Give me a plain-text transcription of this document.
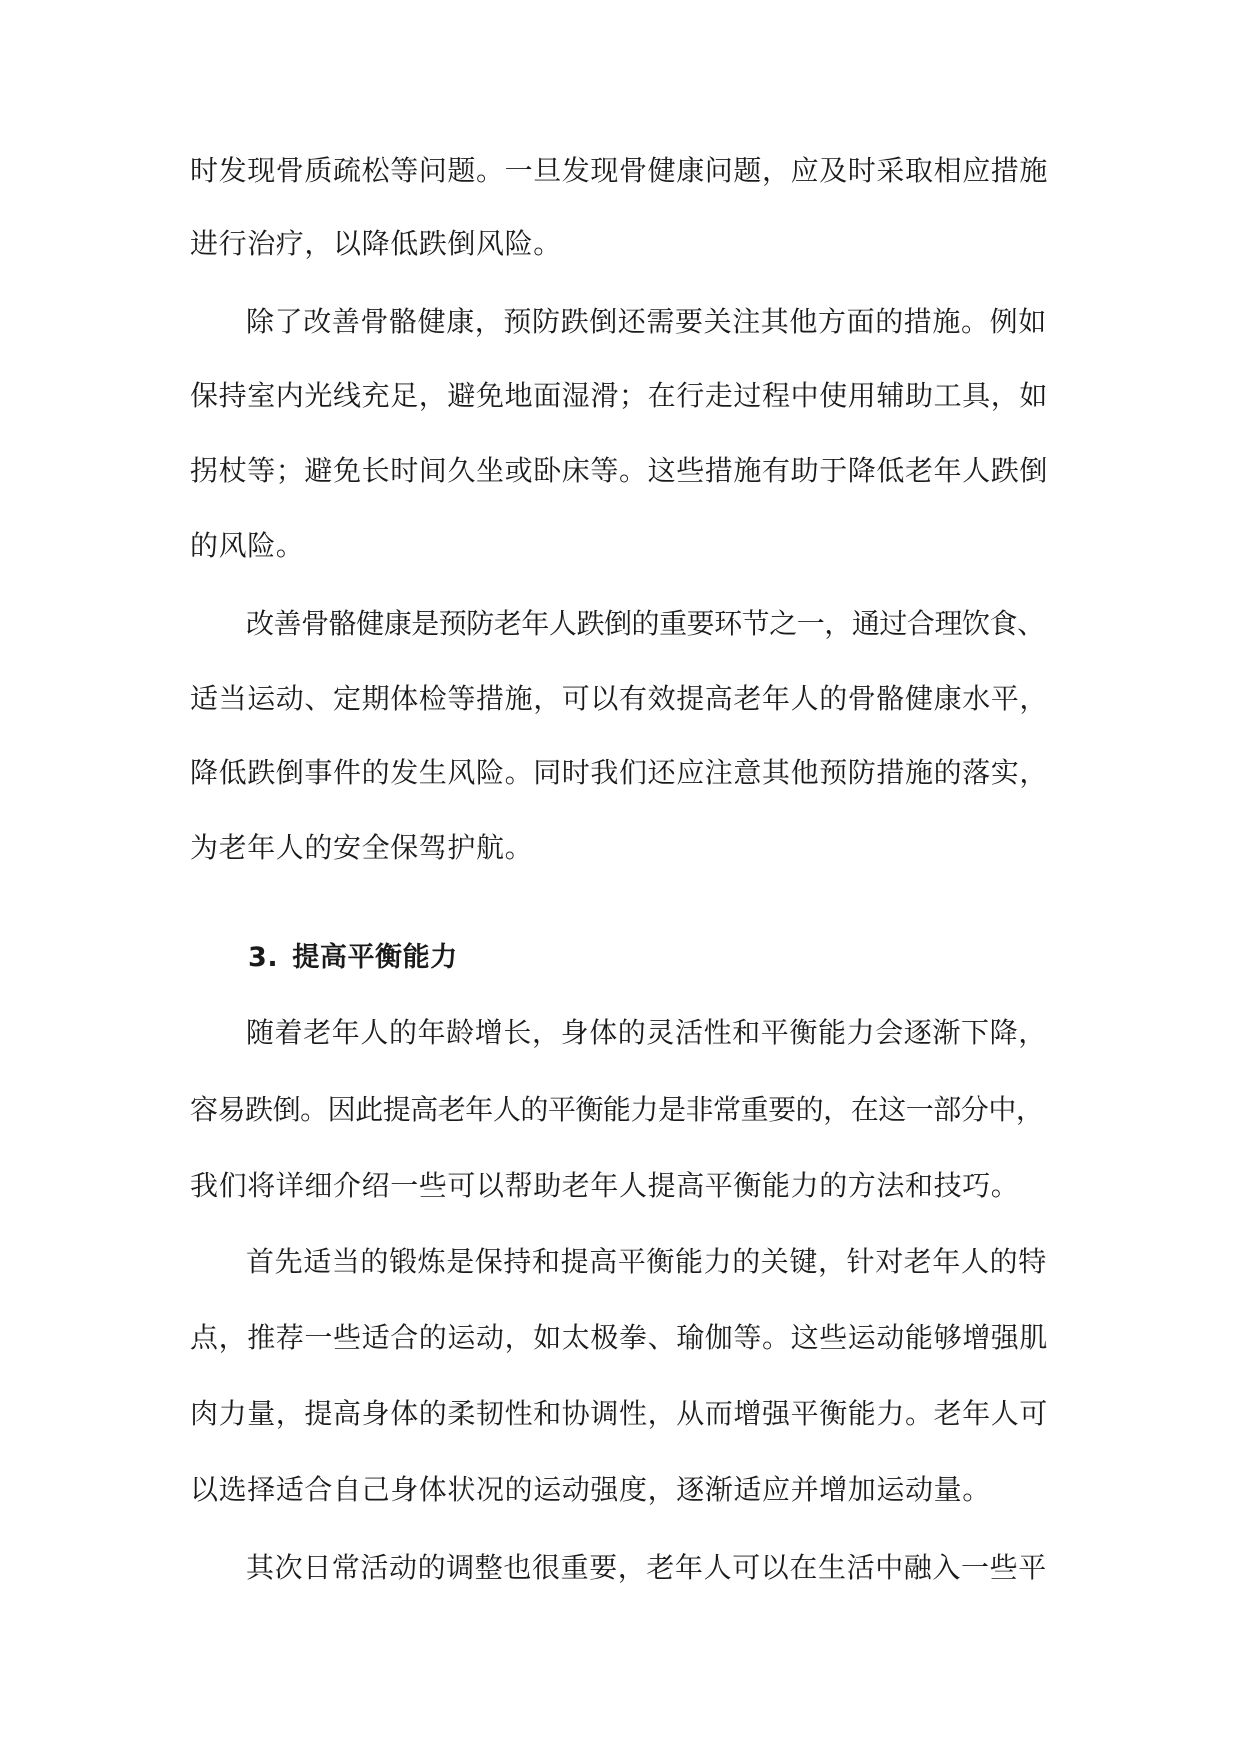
时发现骨质疏松等问题。一旦发现骨健康问题，应及时采取相应措施
进行治疗，以降低跌倒风险。
除了改善骨骼健康，预防跌倒还需要关注其他方面的措施。例如
保持室内光线充足，避免地面湿滑；在行走过程中使用辅助工具，如
拐杖等；避免长时间久坐或卧床等。这些措施有助于降低老年人跌倒
的风险。
改善骨骼健康是预防老年人跌倒的重要环节之一，通过合理饮食、
适当运动、定期体检等措施，可以有效提高老年人的骨骼健康水平，
降低跌倒事件的发生风险。同时我们还应注意其他预防措施的落实，
为老年人的安全保驾护航。
3. 提高平衡能力
随着老年人的年龄增长，身体的灵活性和平衡能力会逐渐下降，
容易跌倒。因此提高老年人的平衡能力是非常重要的，在这一部分中，
我们将详细介绍一些可以帮助老年人提高平衡能力的方法和技巧。
首先适当的锻炼是保持和提高平衡能力的关键，针对老年人的特
点，推荐一些适合的运动，如太极拳、瑜伽等。这些运动能够增强肌
肉力量，提高身体的柔韧性和协调性，从而增强平衡能力。老年人可
以选择适合自己身体状况的运动强度，逐渐适应并增加运动量。
其次日常活动的调整也很重要，老年人可以在生活中融入一些平
